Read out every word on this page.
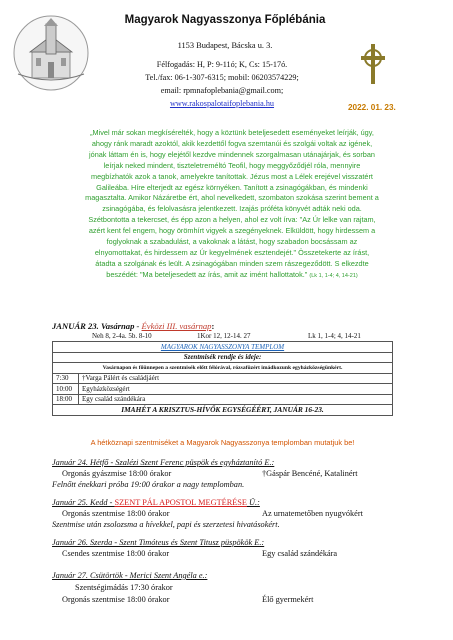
Magyarok Nagyasszonya Főplébánia
1153 Budapest, Bácska u. 3.
Félfogadás: H, P: 9-11ó; K, Cs: 15-17ó.
Tel./fax: 06-1-307-6315; mobil: 06203574229;
email: rpmnafoplebania@gmail.com;
www.rakospalotaifoplebania.hu	2022. 01. 23.
„Mivel már sokan megkísérelték, hogy a köztünk beteljesedett eseményeket leírják, úgy, ahogy ránk maradt azoktól, akik kezdettől fogva szemtanúi és szolgái voltak az igének, jónak láttam én is, hogy elejétől kezdve mindennek szorgalmasan utánajárjak, és sorban leírjak neked mindent, tiszteletreméltó Teofil, hogy meggyőződjél róla, mennyire megbízhatók azok a tanok, amelyekre tanítottak. Jézus most a Lélek erejével visszatért Galileába. Híre elterjedt az egész környéken. Tanított a zsinagógákban, és mindenki magasztalta. Amikor Názáretbe ért, ahol nevelkedett, szombaton szokása szerint bement a zsinagógába, és felolvasásra jelentkezett. Izajás próféta könyvét adták neki oda. Szétbontotta a tekercset, és épp azon a helyen, ahol ez volt írva: "Az Úr lelke van rajtam, azért kent fel engem, hogy örömhírt vigyek a szegényeknek. Elküldött, hogy hirdessem a foglyoknak a szabadulást, a vakoknak a látást, hogy szabadon bocsássam az elnyomottakat, és hirdessem az Úr kegyelmének esztendejét." Összetekerte az írást, átadta a szolgának és leült. A zsinagógában minden szem rászegeződött. S elkezdte beszédét: "Ma beteljesedett az írás, amit az imént hallottatok." (Lk 1, 1-4; 4, 14-21)
JANUÁR 23. Vasárnap - Évközi III. vasárnap:
Neh 8, 2-4a. 5b. 8-10	1Kor 12, 12-14. 27	Lk 1, 1-4; 4, 14-21
MAGYAROK NAGYASSZONYA TEMPLOM	
Szentmisék rendje és ideje:	
Vasárnapon és főünnepen a szentmisék előtt félórával, rózsafüzért imádkozunk egyházközségünkért.	
7:30	†Varga Pálért és családjáért
10:00	Egyházközségért
18:00	Egy család szándékára
IMAHÉT A KRISZTUS-HÍVŐK EGYSÉGÉÉRT, JANUÁR 16-23.	
A hétköznapi szentmiséket a Magyarok Nagyasszonya templomban mutatjuk be!
Január 24. Hétfő - Szalézi Szent Ferenc püspök és egyháztanító E.:
Orgonás gyászmise 18:00 órakor	†Gáspár Bencéné, Katalinért
Felnőtt énekkari próba 19:00 órakor a nagy templomban.
Január 25. Kedd - SZENT PÁL APOSTOL MEGTÉRÉSE Ü.:
Orgonás szentmise 18:00 órakor	Az urnatemetőben nyugvókért
Szentmise után zsolozsma a hívekkel, papi és szerzetesi hivatásokért.
Január 26. Szerda - Szent Timóteus és Szent Titusz püspökök E.:
Csendes szentmise 18:00 órakor	Egy család szándékára
Január 27. Csütörtök - Merici Szent Angéla e.:
Szentségimádás 17:30 órakor
Orgonás szentmise 18:00 órakor	Élő gyermekért
